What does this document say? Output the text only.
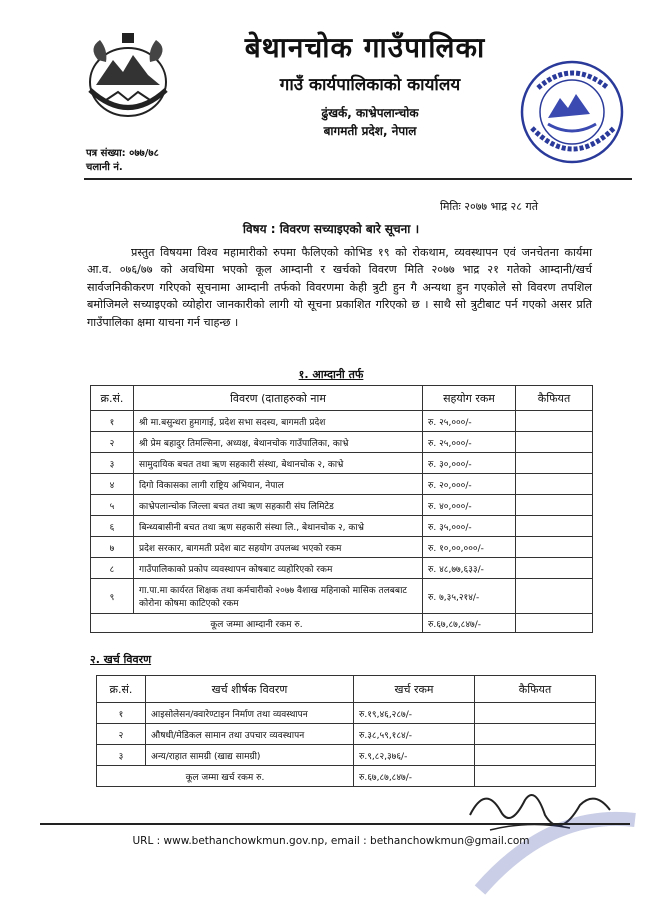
बेथानचोक गाउँपालिका
गाउँ कार्यपालिकाको कार्यालय
ढुंखर्क, काभ्रेपलान्चोक
बागमती प्रदेश, नेपाल
पत्र संख्या: ०७७/७८
चलानी नं.
मितिः २०७७ भाद्र २८ गते
विषय : विवरण सच्याइएको बारे सूचना ।

प्रस्तुत विषयमा विश्व महामारीको रुपमा फैलिएको कोभिड १९ को रोकथाम, व्यवस्थापन एवं जनचेतना कार्यमा आ.व. ०७६/७७ को अवधिमा भएको कूल आम्दानी र खर्चको विवरण मिति २०७७ भाद्र २१ गतेको आम्दानी/खर्च सार्वजनिकीकरण गरिएको सूचनामा आम्दानी तर्फको विवरणमा केही त्रुटी हुन गै अन्यथा हुन गएकोले सो विवरण तपशिल बमोजिमले सच्याइएको व्योहोरा जानकारीको लागी यो सूचना प्रकाशित गरिएको छ । साथै सो त्रुटीबाट पर्न गएको असर प्रति गाउँपालिका क्षमा याचना गर्न चाहन्छ ।

१. आम्दानी तर्फ
क्र.सं.	विवरण (दाताहरुको नाम	सहयोग रकम	कैफियत
१	श्री मा.बसुन्धरा हुमागाई, प्रदेश सभा सदस्य, बागमती प्रदेश	रु. २५,०००/-	
२	श्री प्रेम बहादुर तिमल्सिना, अध्यक्ष, बेथानचोक गाउँपालिका, काभ्रे	रु. २५,०००/-	
३	सामुदायिक बचत तथा ऋण सहकारी संस्था, बेथानचोक २, काभ्रे	रु. ३०,०००/-	
४	दिगो विकासका लागी राष्ट्रिय अभियान, नेपाल	रु. २०,०००/-	
५	काभ्रेपलान्चोक जिल्ला बचत तथा ऋण सहकारी संघ लिमिटेड	रु. ४०,०००/-	
६	बिन्ध्यबासीनी बचत तथा ऋण सहकारी संस्था लि., बेथानचोक २, काभ्रे	रु. ३५,०००/-	
७	प्रदेश सरकार, बागमती प्रदेश बाट सहयोग उपलब्ध भएको रकम	रु. १०,००,०००/-	
८	गाउँपालिकाको प्रकोप व्यवस्थापन कोषबाट व्यहोरिएको रकम	रु. ४८,७७,६३३/-	
९	गा.पा.मा कार्यरत शिक्षक तथा कर्मचारीको २०७७ वैशाख महिनाको मासिक तलबबाट कोरोना कोषमा काटिएको रकम	रु. ७,३५,२१४/-	
कूल जम्मा आम्दानी रकम रु.		रु.६७,८७,८४७/-	
२. खर्च विवरण
क्र.सं.	खर्च शीर्षक विवरण	खर्च रकम	कैफियत
१	आइसोलेसन/क्वारेण्टाइन निर्माण तथा व्यवस्थापन	रु.१९,४६,२८७/-	
२	औषधी/मेडिकल सामान तथा उपचार व्यवस्थापन	रु.३८,५९,१८४/-	
३	अन्य/राहात सामग्री (खाद्य सामग्री)	रु.९,८२,३७६/-	
कूल जम्मा खर्च रकम रु.		रु.६७,८७,८४७/-	
URL : www.bethanchowkmun.gov.np, email : bethanchowkmun@gmail.com
